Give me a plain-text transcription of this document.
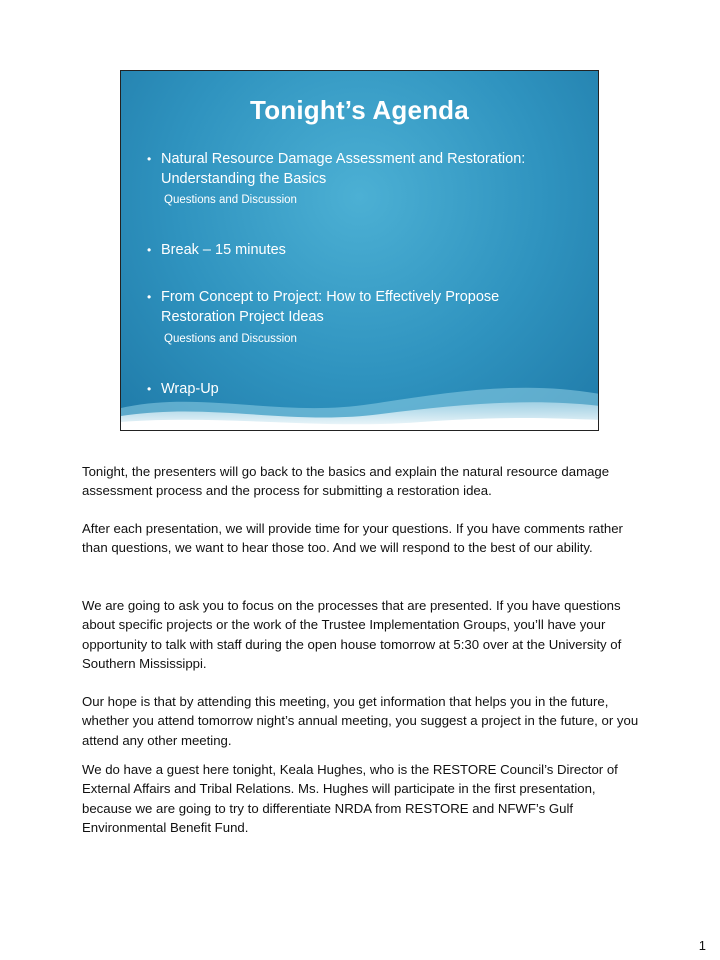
Tonight’s Agenda
• Natural Resource Damage Assessment and Restoration:
Understanding the Basics
Questions and Discussion
• Break – 15 minutes
• From Concept to Project: How to Effectively Propose
Restoration Project Ideas
Questions and Discussion
• Wrap-Up
Tonight, the presenters will go back to the basics and explain the natural resource damage assessment process and the process for submitting a restoration idea.
After each presentation, we will provide time for your questions. If you have comments rather than questions, we want to hear those too. And we will respond to the best of our ability.
We are going to ask you to focus on the processes that are presented. If you have questions about specific projects or the work of the Trustee Implementation Groups, you’ll have your opportunity to talk with staff during the open house tomorrow at 5:30 over at the University of Southern Mississippi.
Our hope is that by attending this meeting, you get information that helps you in the future, whether you attend tomorrow night’s annual meeting, you suggest a project in the future, or you attend any other meeting.
We do have a guest here tonight, Keala Hughes, who is the RESTORE Council’s Director of External Affairs and Tribal Relations. Ms. Hughes will participate in the first presentation, because we are going to try to differentiate NRDA from RESTORE and NFWF’s Gulf Environmental Benefit Fund.
1
